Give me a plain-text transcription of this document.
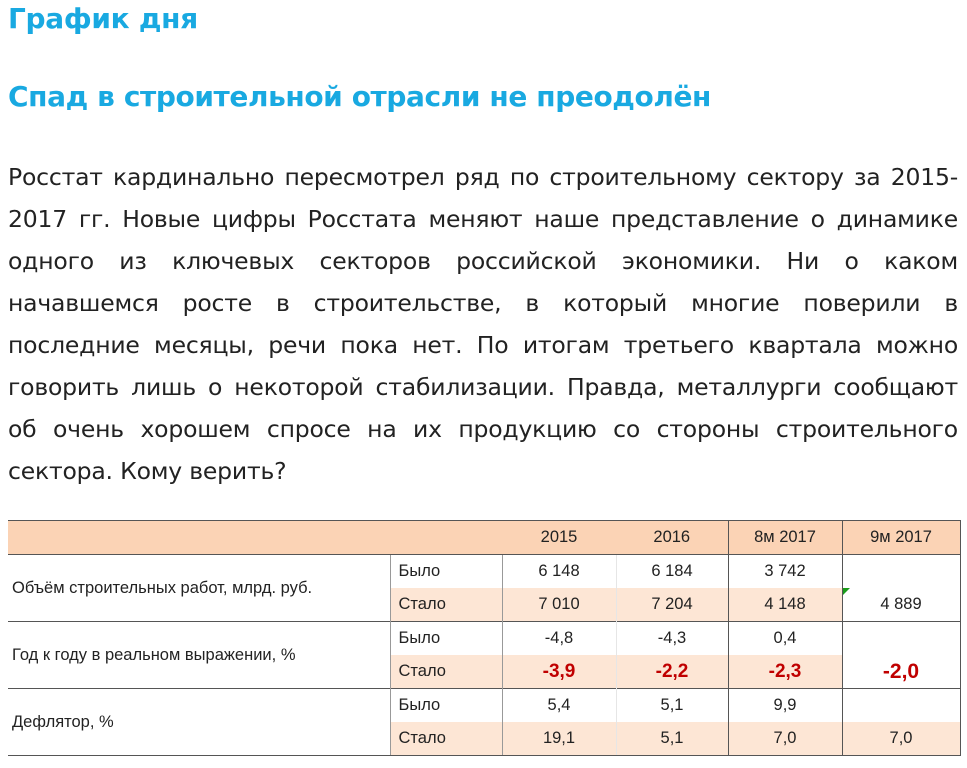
График дня
Спад в строительной отрасли не преодолён
Росстат кардинально пересмотрел ряд по строительному сектору за 2015-2017 гг. Новые цифры Росстата меняют наше представление о динамике одного из ключевых секторов российской экономики. Ни о каком начавшемся росте в строительстве, в который многие поверили в последние месяцы, речи пока нет. По итогам третьего квартала можно говорить лишь о некоторой стабилизации. Правда, металлурги сообщают об очень хорошем спросе на их продукцию со стороны строительного сектора. Кому верить?
		2015	2016	8м 2017	9м 2017
Объём строительных работ, млрд. руб.	Было	6 148	6 184	3 742	
	Стало	7 010	7 204	4 148	4 889
Год к году в реальном выражении, %	Было	-4,8	-4,3	0,4	
	Стало	-3,9	-2,2	-2,3	-2,0
Дефлятор, %	Было	5,4	5,1	9,9	
	Стало	19,1	5,1	7,0	7,0
